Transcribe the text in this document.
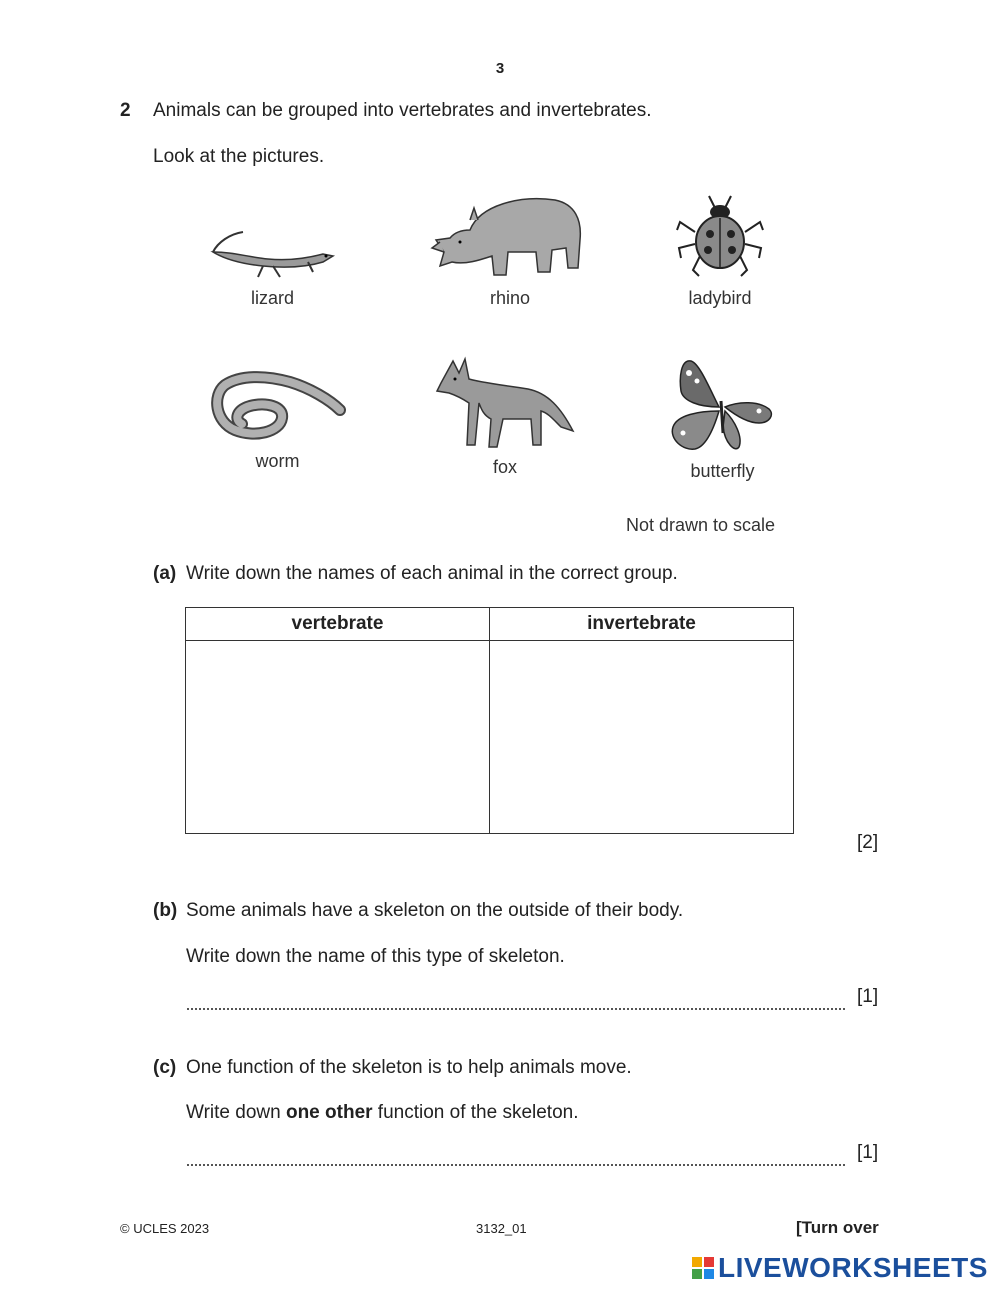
3
2 Animals can be grouped into vertebrates and invertebrates.
Look at the pictures.
lizard	rhino	ladybird
worm	fox	butterfly
Not drawn to scale
(a) Write down the names of each animal in the correct group.
vertebrate	invertebrate

[2]
(b) Some animals have a skeleton on the outside of their body.
Write down the name of this type of skeleton.
[1]
(c) One function of the skeleton is to help animals move.
Write down one other function of the skeleton.
[1]
© UCLES 2023	3132_01	[Turn over
LIVEWORKSHEETS
